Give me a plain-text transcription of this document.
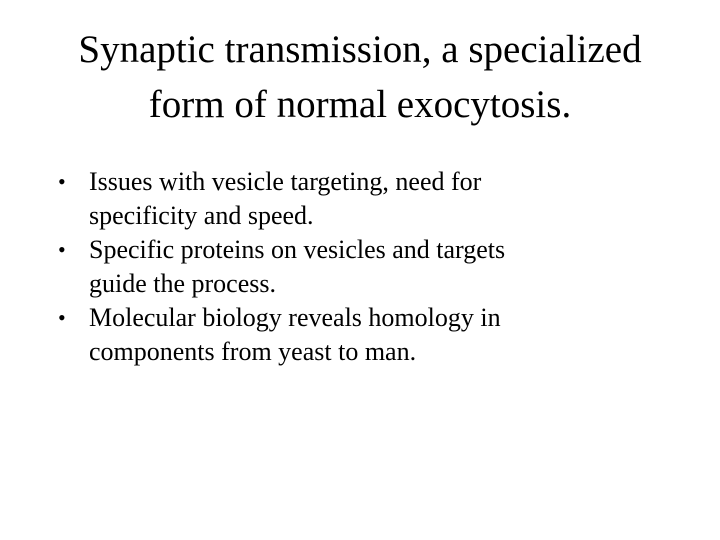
Synaptic transmission, a specialized
form of normal exocytosis.
• Issues with vesicle targeting, need for
specificity and speed.
• Specific proteins on vesicles and targets
guide the process.
• Molecular biology reveals homology in
components from yeast to man.
